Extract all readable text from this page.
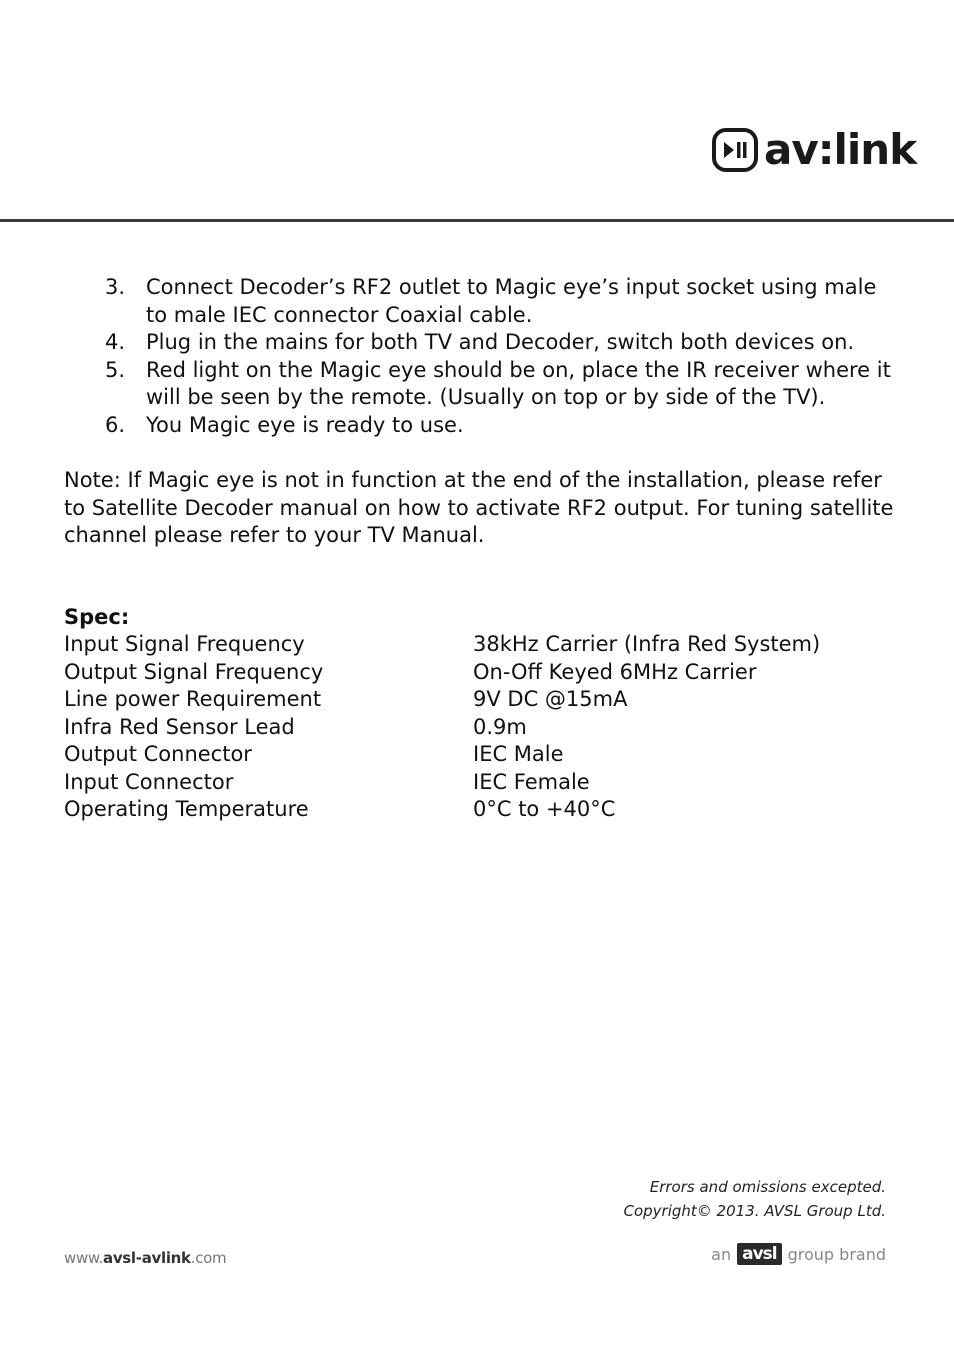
av:link
3. Connect Decoder’s RF2 outlet to Magic eye’s input socket using male to male IEC connector Coaxial cable.
4. Plug in the mains for both TV and Decoder, switch both devices on.
5. Red light on the Magic eye should be on, place the IR receiver where it will be seen by the remote. (Usually on top or by side of the TV).
6. You Magic eye is ready to use.

Note: If Magic eye is not in function at the end of the installation, please refer to Satellite Decoder manual on how to activate RF2 output. For tuning satellite channel please refer to your TV Manual.

Spec:
Input Signal Frequency	38kHz Carrier (Infra Red System)
Output Signal Frequency	On-Off Keyed 6MHz Carrier
Line power Requirement	9V DC @15mA
Infra Red Sensor Lead	0.9m
Output Connector	IEC Male
Input Connector	IEC Female
Operating Temperature	0°C to +40°C
Errors and omissions excepted.
Copyright© 2013. AVSL Group Ltd.
www.avsl-avlink.com	an avsl group brand
